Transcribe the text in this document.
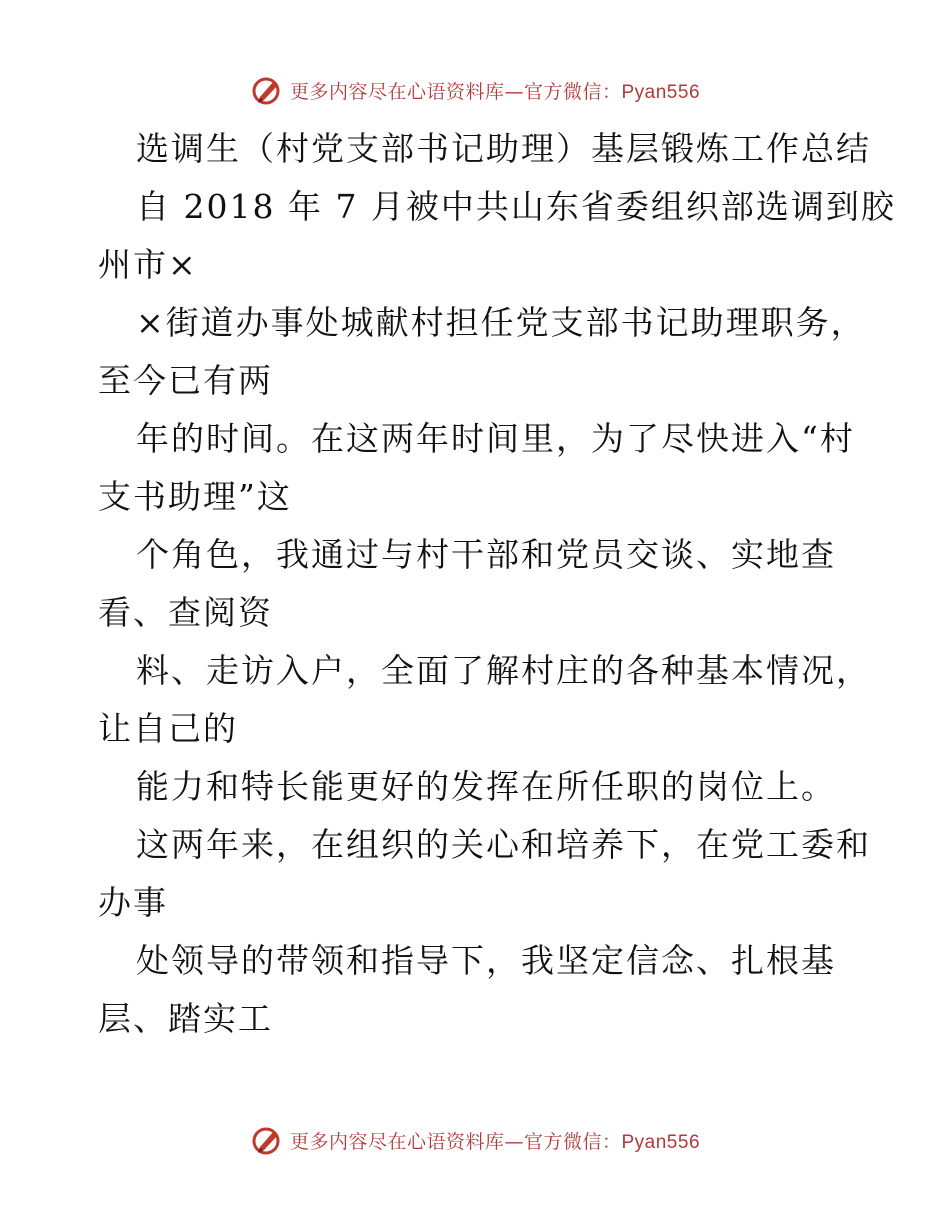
更多内容尽在心语资料库—官方微信：Pyan556
选调生（村党支部书记助理）基层锻炼工作总结
自 2018 年 7 月被中共山东省委组织部选调到胶
州市×
×街道办事处城献村担任党支部书记助理职务，
至今已有两
年的时间。在这两年时间里，为了尽快进入“村
支书助理”这
个角色，我通过与村干部和党员交谈、实地查
看、查阅资
料、走访入户，全面了解村庄的各种基本情况，
让自己的
能力和特长能更好的发挥在所任职的岗位上。
这两年来，在组织的关心和培养下，在党工委和
办事
处领导的带领和指导下，我坚定信念、扎根基
层、踏实工
更多内容尽在心语资料库—官方微信：Pyan556
